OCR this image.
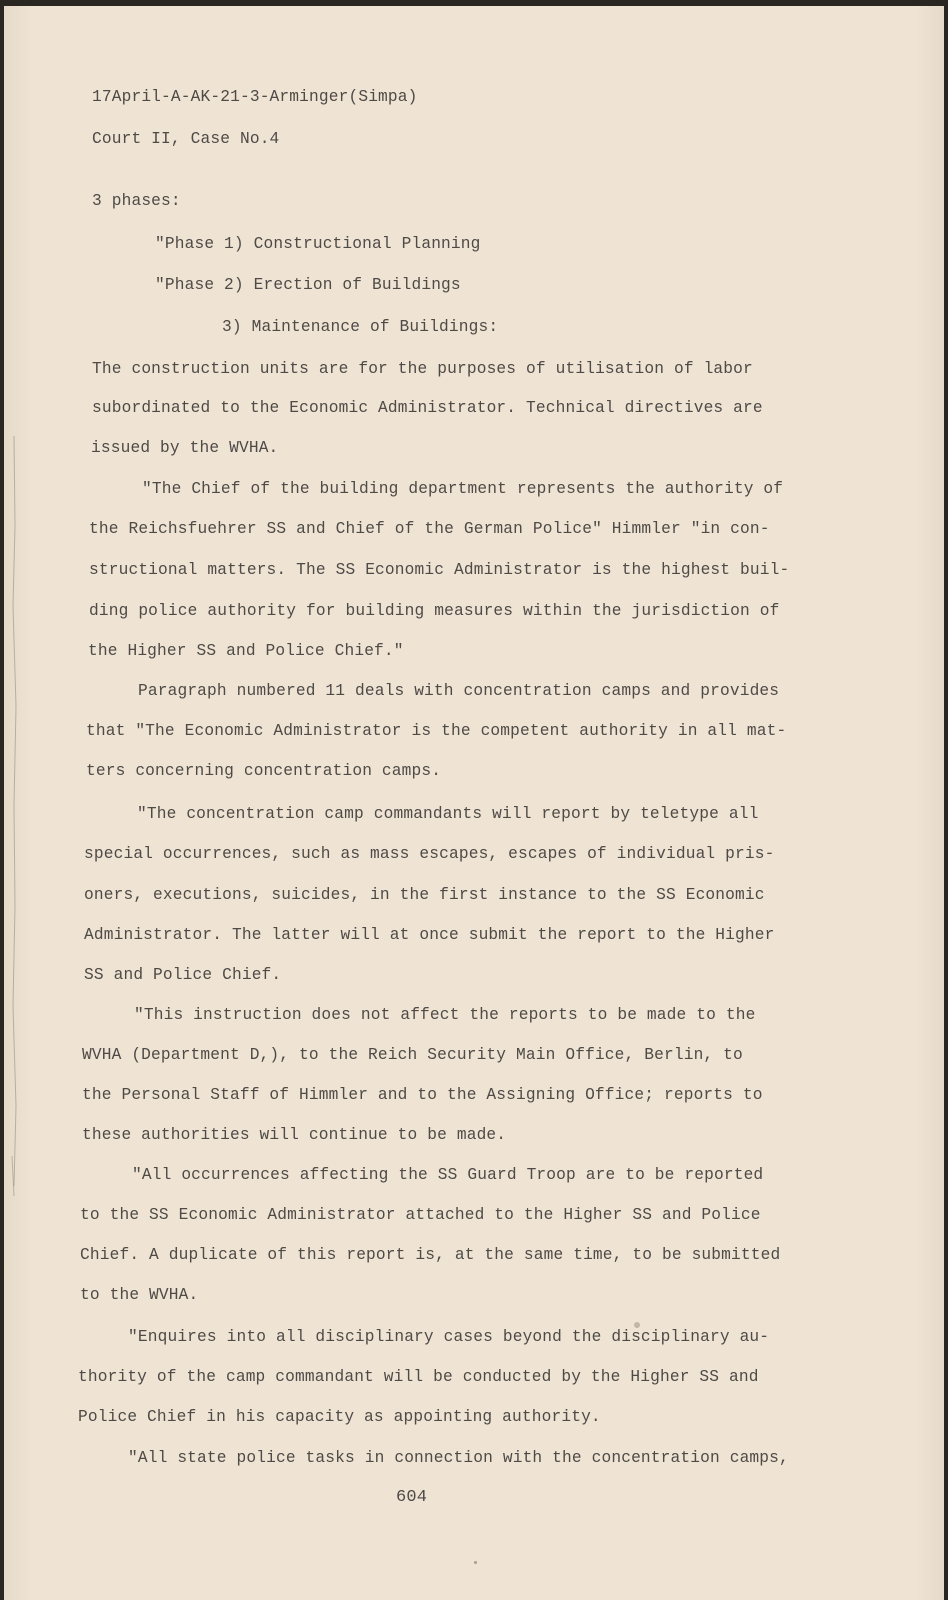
17April-A-AK-21-3-Arminger(Simpa)
Court II, Case No.4
3 phases:
"Phase 1) Constructional Planning
"Phase 2) Erection of Buildings
3) Maintenance of Buildings:
The construction units are for the purposes of utilisation of labor
subordinated to the Economic Administrator. Technical directives are
issued by the WVHA.
"The Chief of the building department represents the authority of
the Reichsfuehrer SS and Chief of the German Police" Himmler "in con-
structional matters. The SS Economic Administrator is the highest buil-
ding police authority for building measures within the jurisdiction of
the Higher SS and Police Chief."
Paragraph numbered 11 deals with concentration camps and provides
that "The Economic Administrator is the competent authority in all mat-
ters concerning concentration camps.
"The concentration camp commandants will report by teletype all
special occurrences, such as mass escapes, escapes of individual pris-
oners, executions, suicides, in the first instance to the SS Economic
Administrator. The latter will at once submit the report to the Higher
SS and Police Chief.
"This instruction does not affect the reports to be made to the
WVHA (Department D,), to the Reich Security Main Office, Berlin, to
the Personal Staff of Himmler and to the Assigning Office; reports to
these authorities will continue to be made.
"All occurrences affecting the SS Guard Troop are to be reported
to the SS Economic Administrator attached to the Higher SS and Police
Chief. A duplicate of this report is, at the same time, to be submitted
to the WVHA.
"Enquires into all disciplinary cases beyond the disciplinary au-
thority of the camp commandant will be conducted by the Higher SS and
Police Chief in his capacity as appointing authority.
"All state police tasks in connection with the concentration camps,
604
